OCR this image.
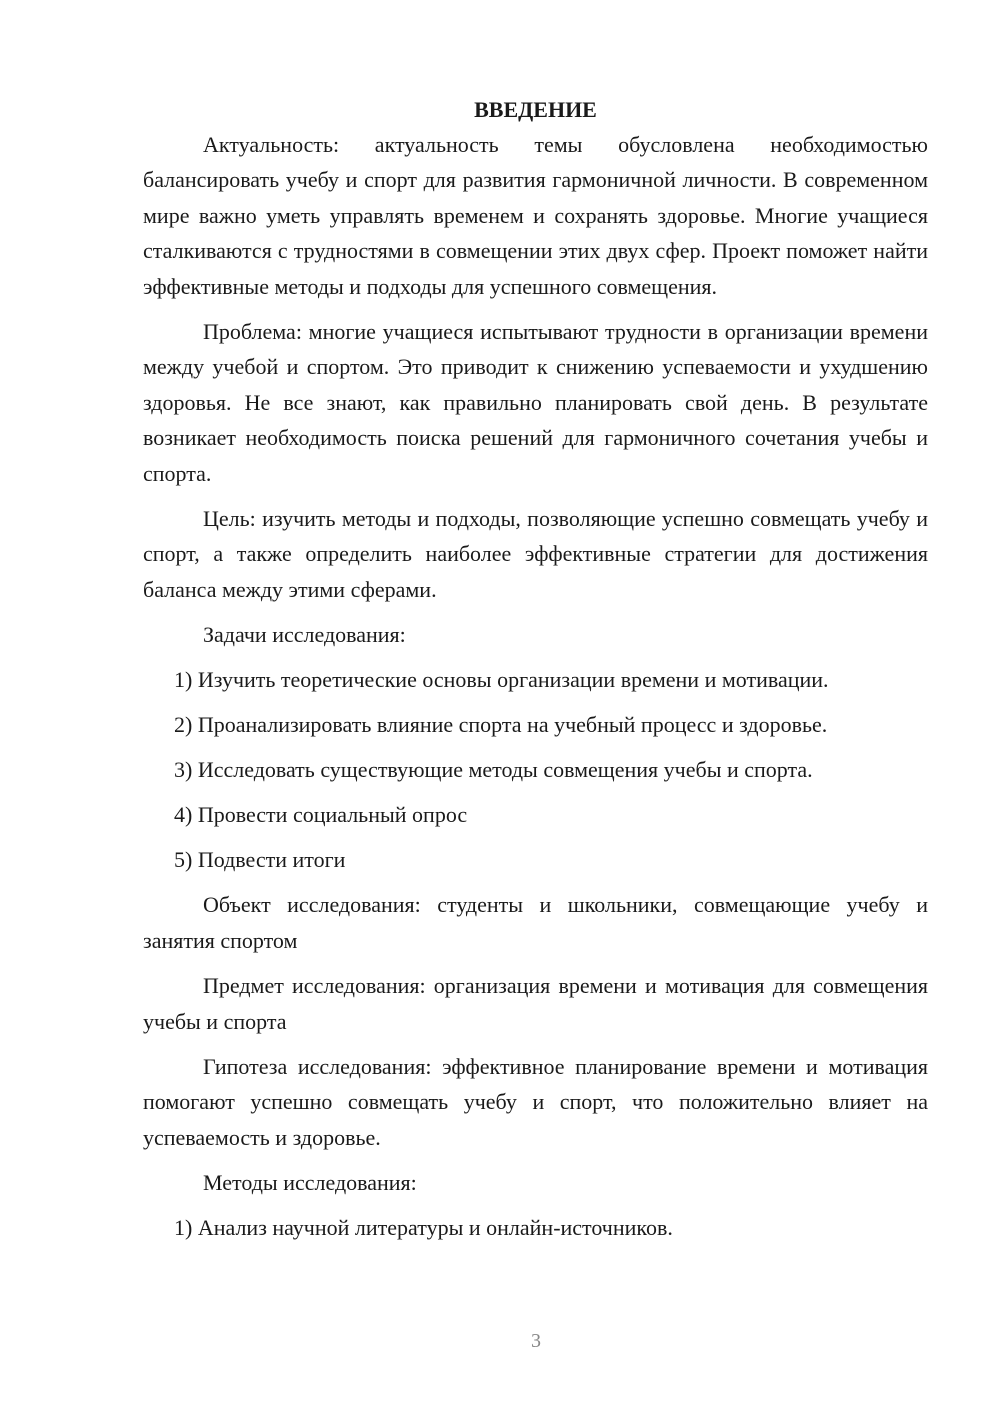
ВВЕДЕНИЕ

Актуальность: актуальность темы обусловлена необходимостью балансировать учебу и спорт для развития гармоничной личности. В современном мире важно уметь управлять временем и сохранять здоровье. Многие учащиеся сталкиваются с трудностями в совмещении этих двух сфер. Проект поможет найти эффективные методы и подходы для успешного совмещения.

Проблема: многие учащиеся испытывают трудности в организации времени между учебой и спортом. Это приводит к снижению успеваемости и ухудшению здоровья. Не все знают, как правильно планировать свой день. В результате возникает необходимость поиска решений для гармоничного сочетания учебы и спорта.

Цель: изучить методы и подходы, позволяющие успешно совмещать учебу и спорт, а также определить наиболее эффективные стратегии для достижения баланса между этими сферами.

Задачи исследования:
1) Изучить теоретические основы организации времени и мотивации.
2) Проанализировать влияние спорта на учебный процесс и здоровье.
3) Исследовать существующие методы совмещения учебы и спорта.
4) Провести социальный опрос
5) Подвести итоги

Объект исследования: студенты и школьники, совмещающие учебу и занятия спортом

Предмет исследования: организация времени и мотивация для совмещения учебы и спорта

Гипотеза исследования: эффективное планирование времени и мотивация помогают успешно совмещать учебу и спорт, что положительно влияет на успеваемость и здоровье.

Методы исследования:
1) Анализ научной литературы и онлайн-источников.
3
